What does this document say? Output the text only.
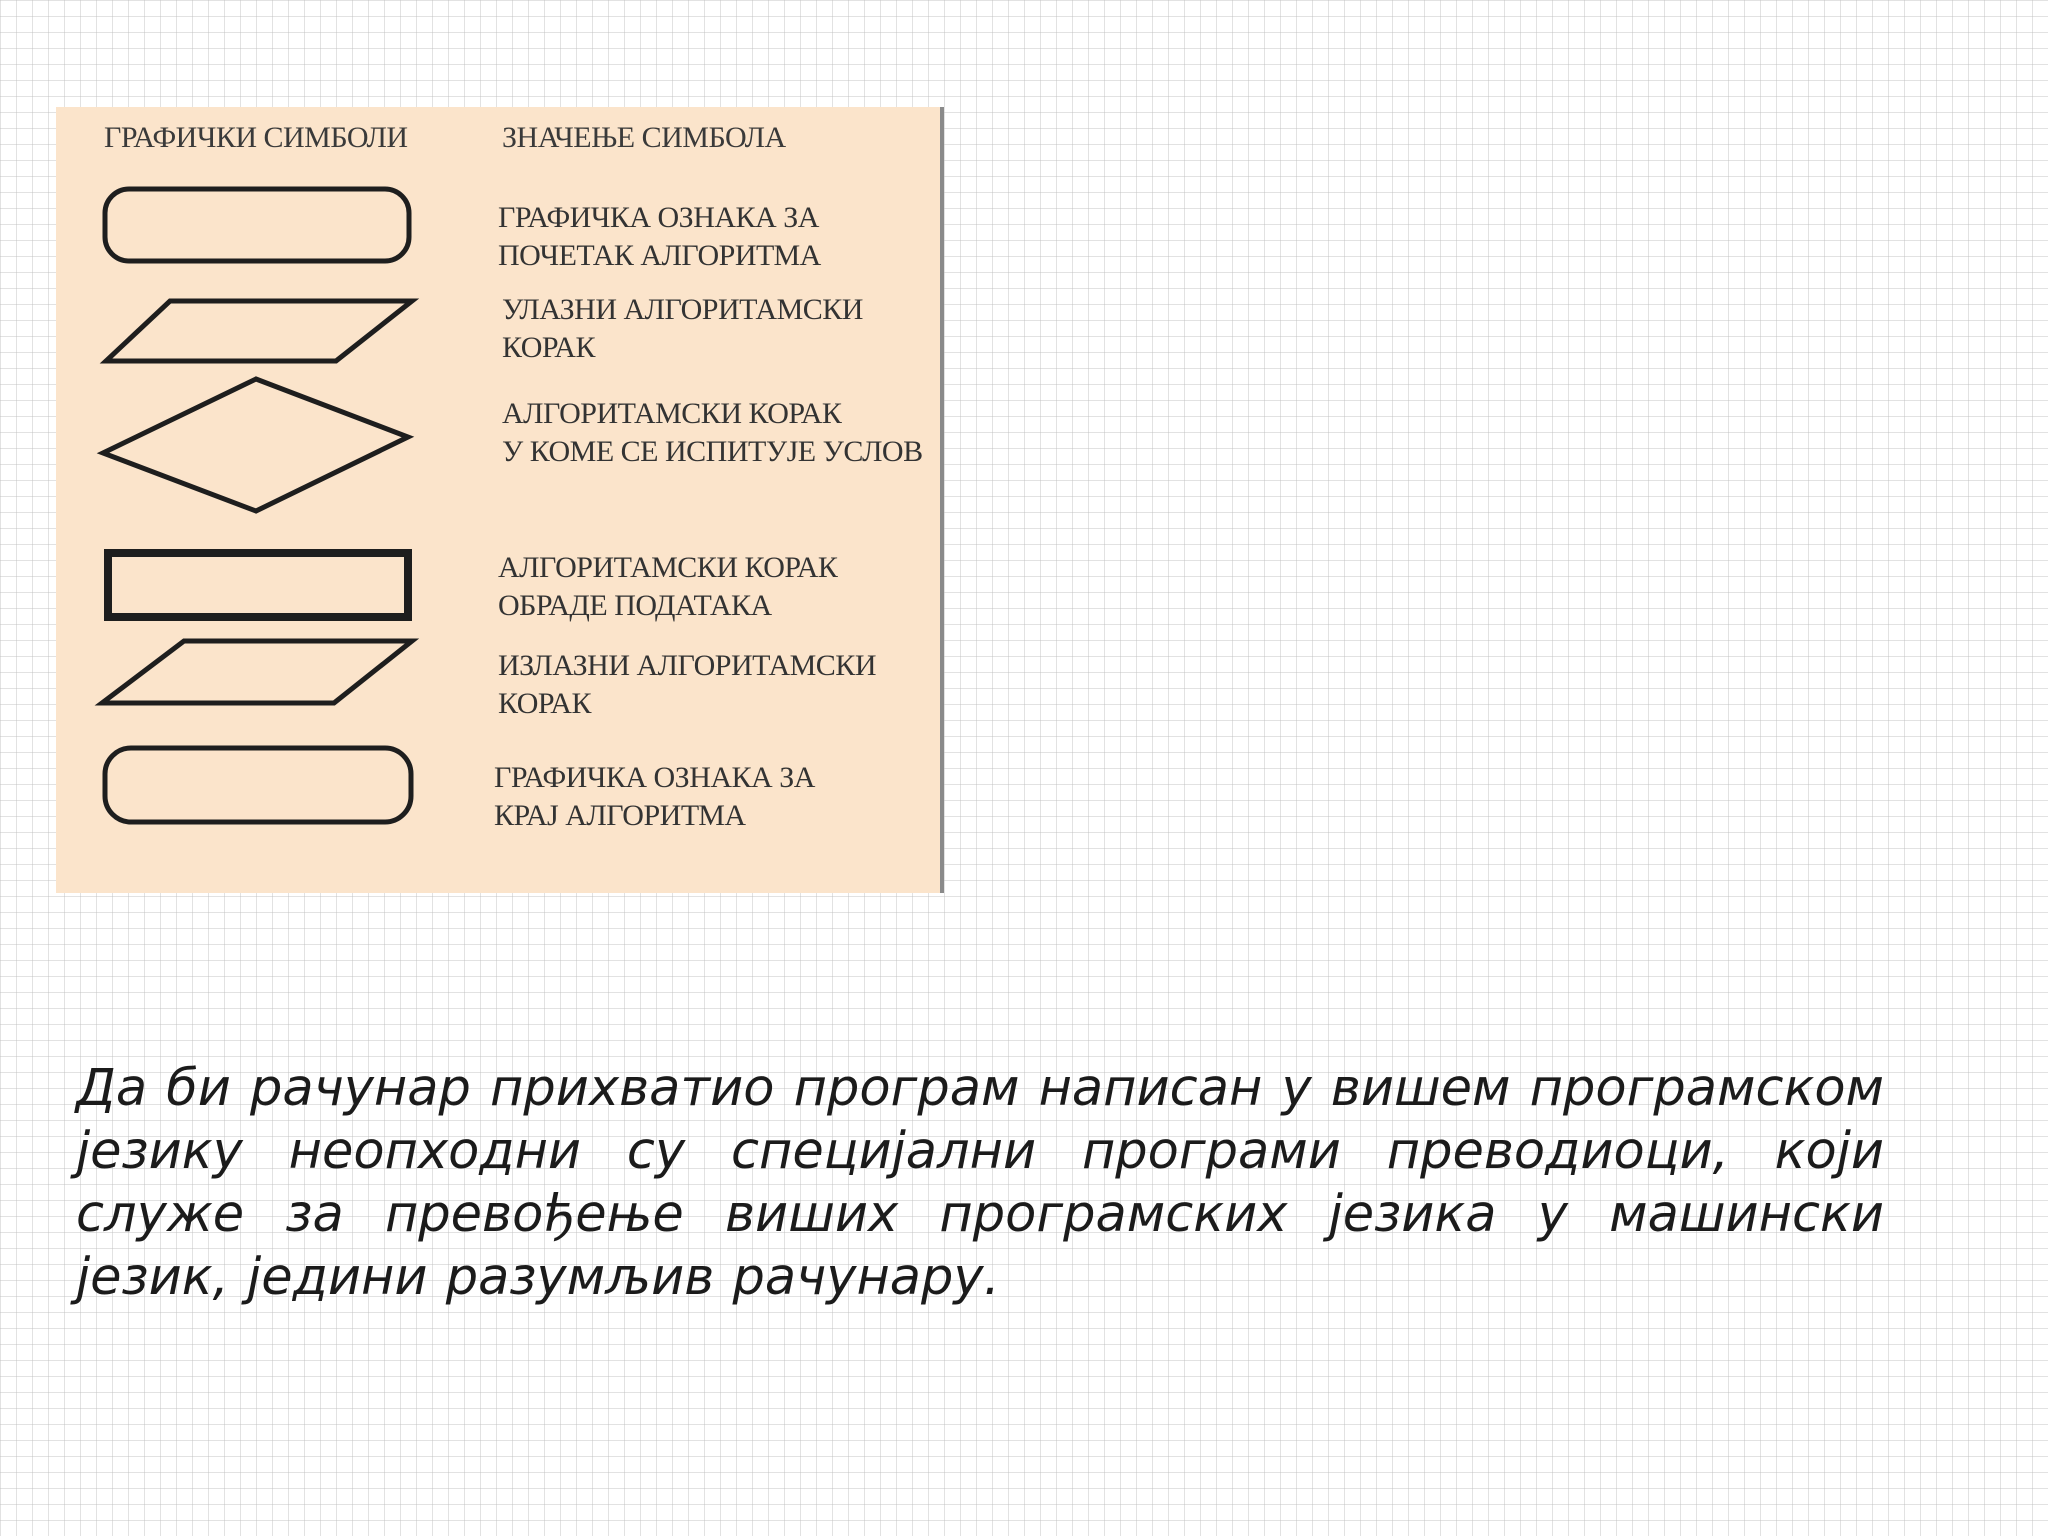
ГРАФИЧКИ СИМБОЛИ	ЗНАЧЕЊЕ СИМБОЛА
ГРАФИЧКА ОЗНАКА ЗА
ПОЧЕТАК АЛГОРИТМА
УЛАЗНИ АЛГОРИТАМСКИ
КОРАК
АЛГОРИТАМСКИ КОРАК
У КОМЕ СЕ ИСПИТУЈЕ УСЛОВ
АЛГОРИТАМСКИ КОРАК
ОБРАДЕ ПОДАТАКА
ИЗЛАЗНИ АЛГОРИТАМСКИ
КОРАК
ГРАФИЧКА ОЗНАКА ЗА
КРАЈ АЛГОРИТМА

Да би рачунар прихватио програм написан у вишем програмском језику неопходни су специјални програми преводиоци, који служе за превођење виших програмских језика у машински језик, једини разумљив рачунару.
